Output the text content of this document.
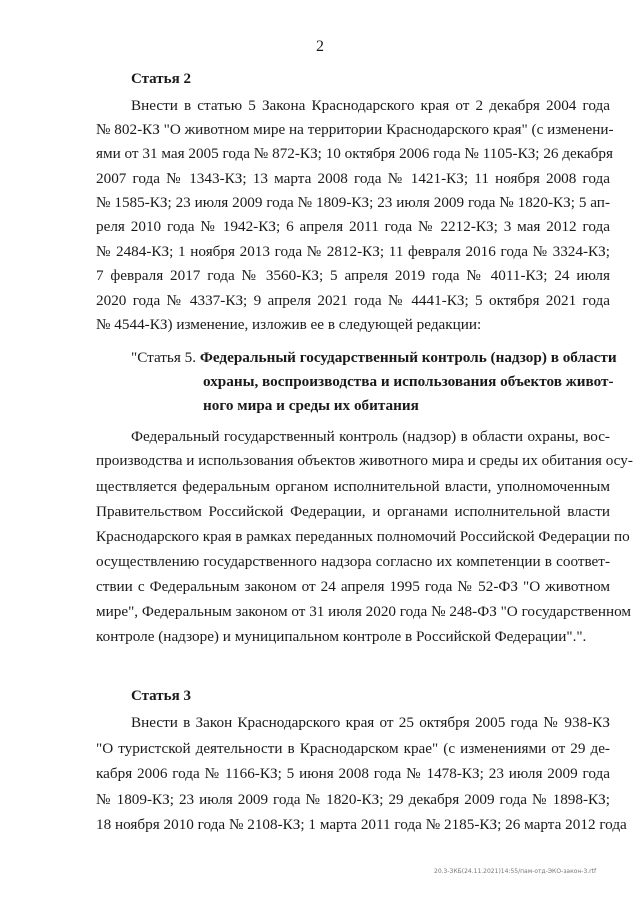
2
Статья 2
Внести в статью 5 Закона Краснодарского края от 2 декабря 2004 года
№ 802-КЗ "О животном мире на территории Краснодарского края" (с изменени-
ями от 31 мая 2005 года № 872-КЗ; 10 октября 2006 года № 1105-КЗ; 26 декабря
2007 года № 1343-КЗ; 13 марта 2008 года № 1421-КЗ; 11 ноября 2008 года
№ 1585-КЗ; 23 июля 2009 года № 1809-КЗ; 23 июля 2009 года № 1820-КЗ; 5 ап-
реля 2010 года № 1942-КЗ; 6 апреля 2011 года № 2212-КЗ; 3 мая 2012 года
№ 2484-КЗ; 1 ноября 2013 года № 2812-КЗ; 11 февраля 2016 года № 3324-КЗ;
7 февраля 2017 года № 3560-КЗ; 5 апреля 2019 года № 4011-КЗ; 24 июля
2020 года № 4337-КЗ; 9 апреля 2021 года № 4441-КЗ; 5 октября 2021 года
№ 4544-КЗ) изменение, изложив ее в следующей редакции:
"Статья 5. Федеральный государственный контроль (надзор) в области
охраны, воспроизводства и использования объектов живот-
ного мира и среды их обитания
Федеральный государственный контроль (надзор) в области охраны, вос-
производства и использования объектов животного мира и среды их обитания осу-
ществляется федеральным органом исполнительной власти, уполномоченным
Правительством Российской Федерации, и органами исполнительной власти
Краснодарского края в рамках переданных полномочий Российской Федерации по
осуществлению государственного надзора согласно их компетенции в соответ-
ствии с Федеральным законом от 24 апреля 1995 года № 52-ФЗ "О животном
мире", Федеральным законом от 31 июля 2020 года № 248-ФЗ "О государственном
контроле (надзоре) и муниципальном контроле в Российской Федерации".".
Статья 3
Внести в Закон Краснодарского края от 25 октября 2005 года № 938-КЗ
"О туристской деятельности в Краснодарском крае" (с изменениями от 29 де-
кабря 2006 года № 1166-КЗ; 5 июня 2008 года № 1478-КЗ; 23 июля 2009 года
№ 1809-КЗ; 23 июля 2009 года № 1820-КЗ; 29 декабря 2009 года № 1898-КЗ;
18 ноября 2010 года № 2108-КЗ; 1 марта 2011 года № 2185-КЗ; 26 марта 2012 года
20.3-ЗКБ(24.11.2021)14:55/пам-отд-ЭКО-закон-3.rtf
